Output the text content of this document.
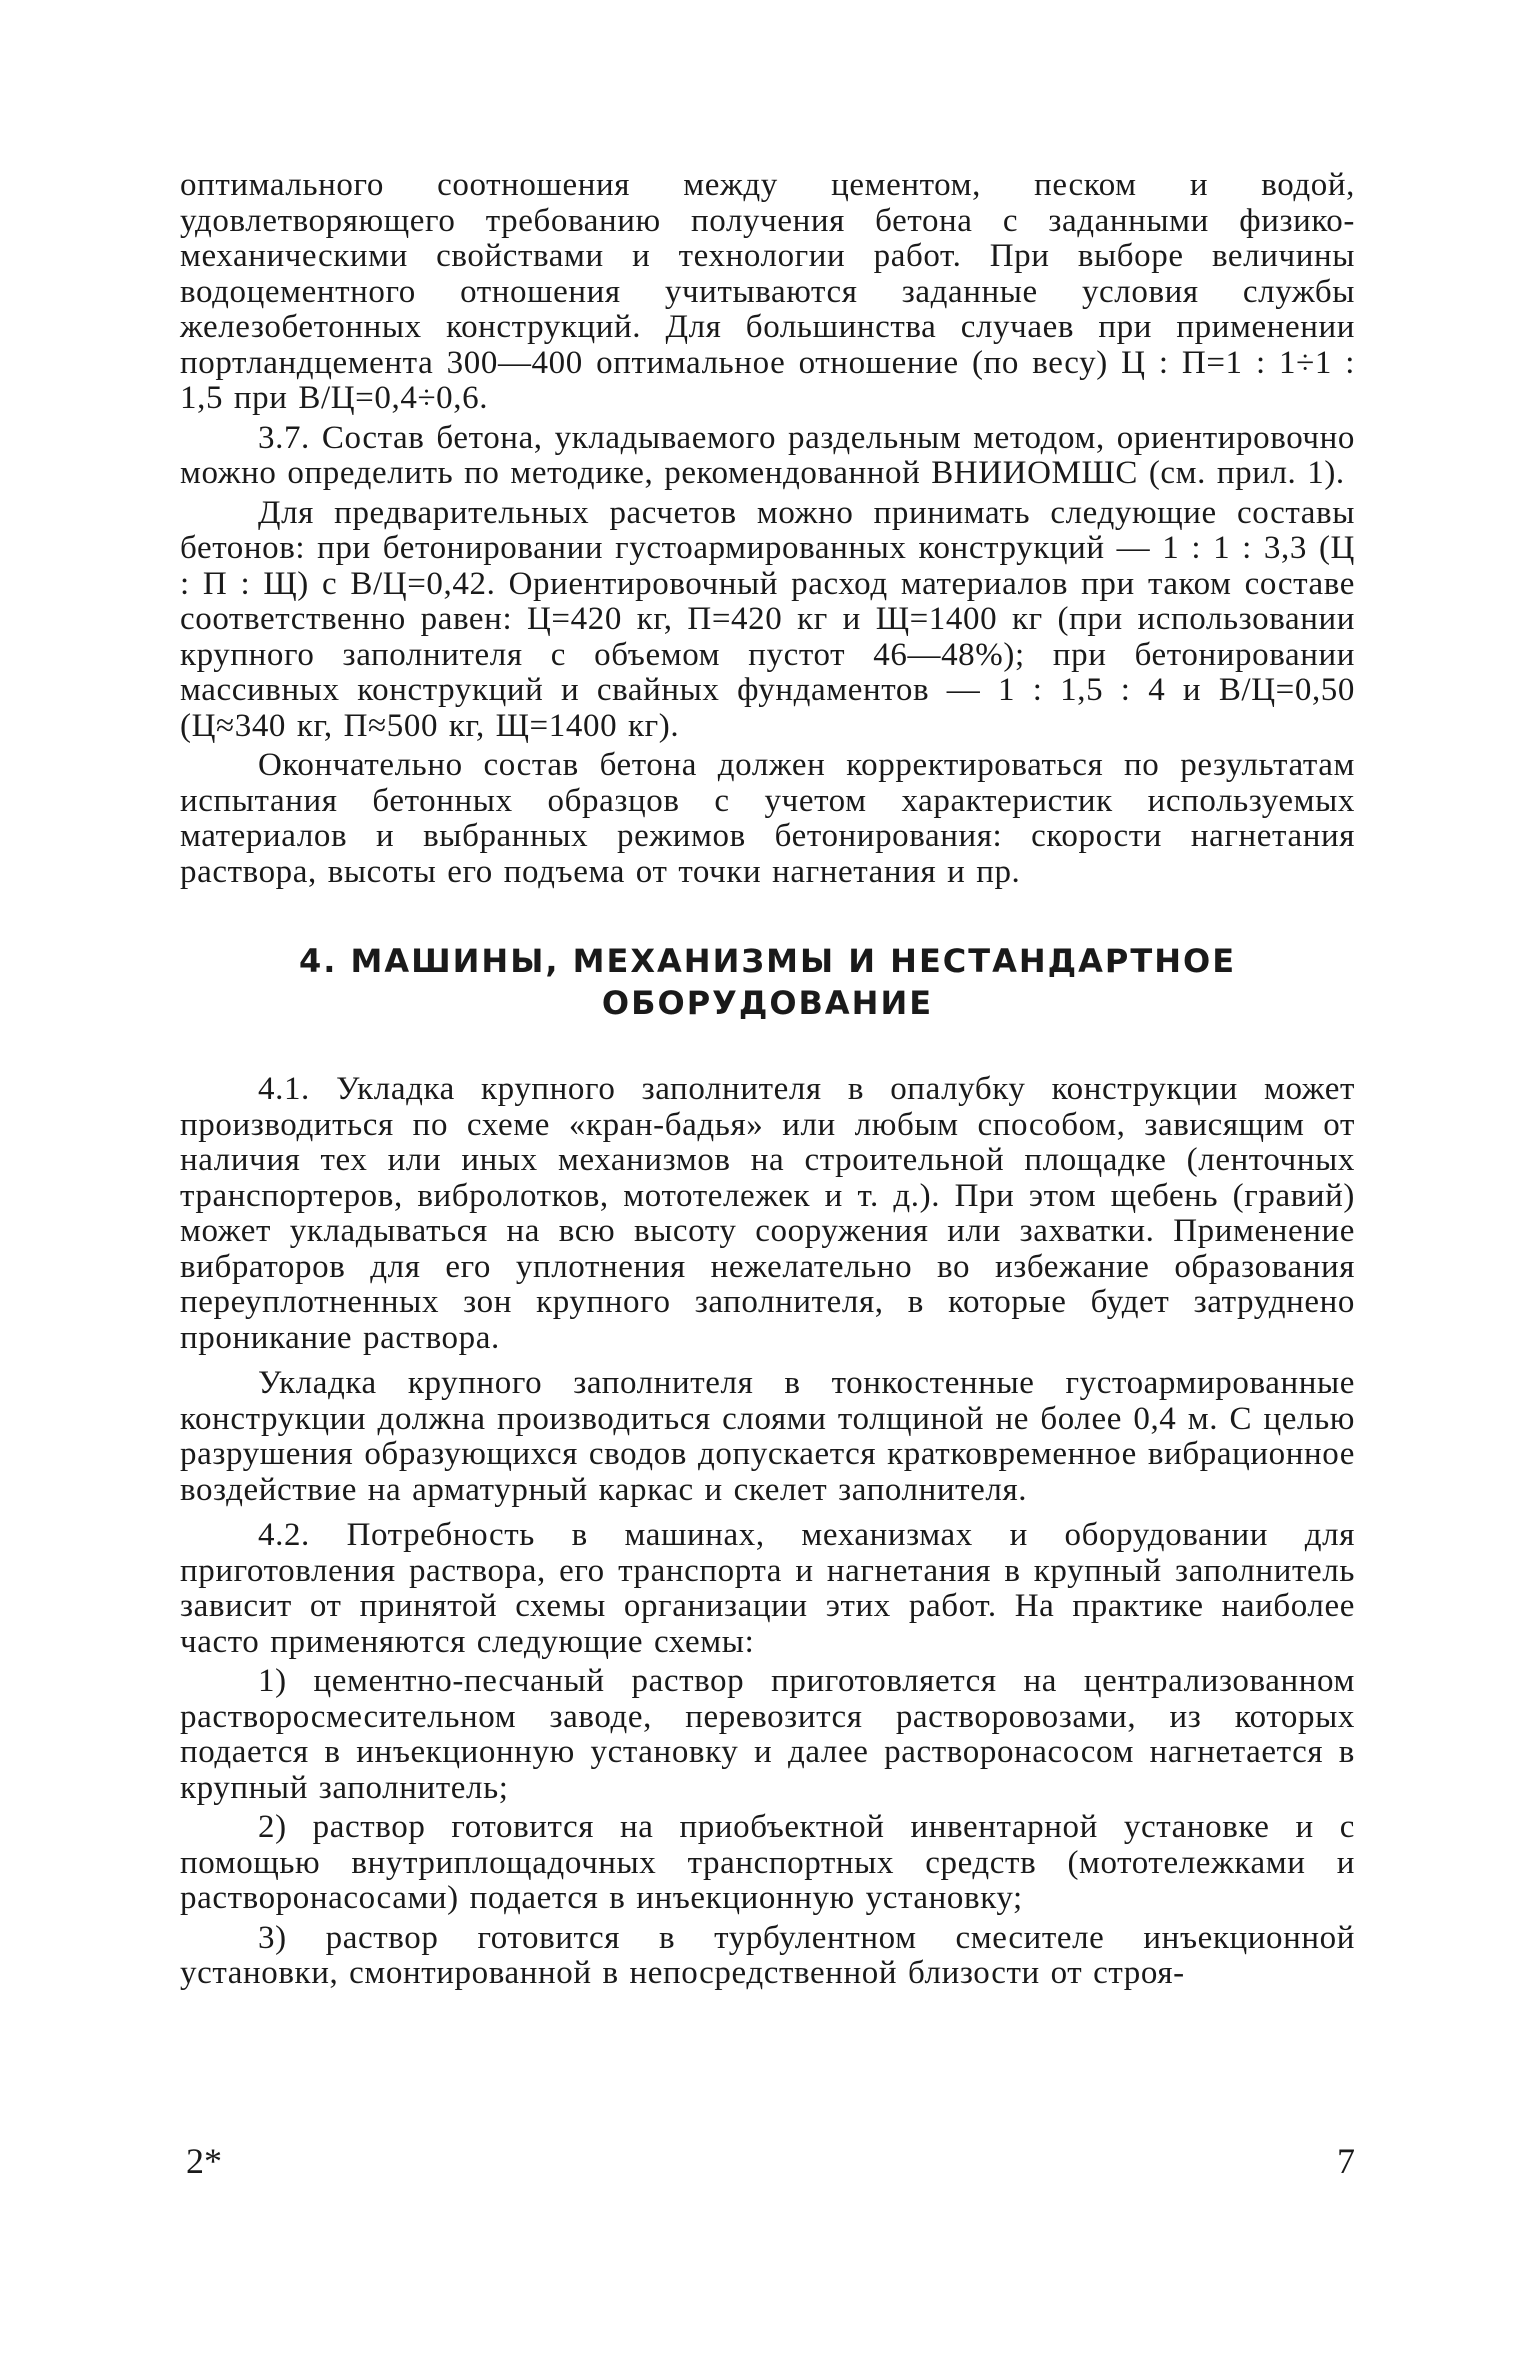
оптимального соотношения между цементом, песком и водой, удовлетворяющего требованию получения бетона с заданными физико-механическими свойствами и технологии работ. При выборе величины водоцементного отношения учитываются заданные условия службы железобетонных конструкций. Для большинства случаев при применении портландцемента 300—400 оптимальное отношение (по весу) Ц : П=1 : 1÷1 : 1,5 при В/Ц=0,4÷0,6.

3.7. Состав бетона, укладываемого раздельным методом, ориентировочно можно определить по методике, рекомендованной ВНИИОМШС (см. прил. 1).

Для предварительных расчетов можно принимать следующие составы бетонов: при бетонировании густоармированных конструкций — 1 : 1 : 3,3 (Ц : П : Щ) с В/Ц=0,42. Ориентировочный расход материалов при таком составе соответственно равен: Ц=420 кг, П=420 кг и Щ=1400 кг (при использовании крупного заполнителя с объемом пустот 46—48%); при бетонировании массивных конструкций и свайных фундаментов — 1 : 1,5 : 4 и В/Ц=0,50 (Ц≈340 кг, П≈500 кг, Щ=1400 кг).

Окончательно состав бетона должен корректироваться по результатам испытания бетонных образцов с учетом характеристик используемых материалов и выбранных режимов бетонирования: скорости нагнетания раствора, высоты его подъема от точки нагнетания и пр.

4. МАШИНЫ, МЕХАНИЗМЫ И НЕСТАНДАРТНОЕ
ОБОРУДОВАНИЕ

4.1. Укладка крупного заполнителя в опалубку конструкции может производиться по схеме «кран-бадья» или любым способом, зависящим от наличия тех или иных механизмов на строительной площадке (ленточных транспортеров, вибролотков, мототележек и т. д.). При этом щебень (гравий) может укладываться на всю высоту сооружения или захватки. Применение вибраторов для его уплотнения нежелательно во избежание образования переуплотненных зон крупного заполнителя, в которые будет затруднено проникание раствора.

Укладка крупного заполнителя в тонкостенные густоармированные конструкции должна производиться слоями толщиной не более 0,4 м. С целью разрушения образующихся сводов допускается кратковременное вибрационное воздействие на арматурный каркас и скелет заполнителя.

4.2. Потребность в машинах, механизмах и оборудовании для приготовления раствора, его транспорта и нагнетания в крупный заполнитель зависит от принятой схемы организации этих работ. На практике наиболее часто применяются следующие схемы:

1) цементно-песчаный раствор приготовляется на централизованном растворосмесительном заводе, перевозится растворовозами, из которых подается в инъекционную установку и далее растворонасосом нагнетается в крупный заполнитель;

2) раствор готовится на приобъектной инвентарной установке и с помощью внутриплощадочных транспортных средств (мототележками и растворонасосами) подается в инъекционную установку;

3) раствор готовится в турбулентном смесителе инъекционной установки, смонтированной в непосредственной близости от строя-

2*	7
